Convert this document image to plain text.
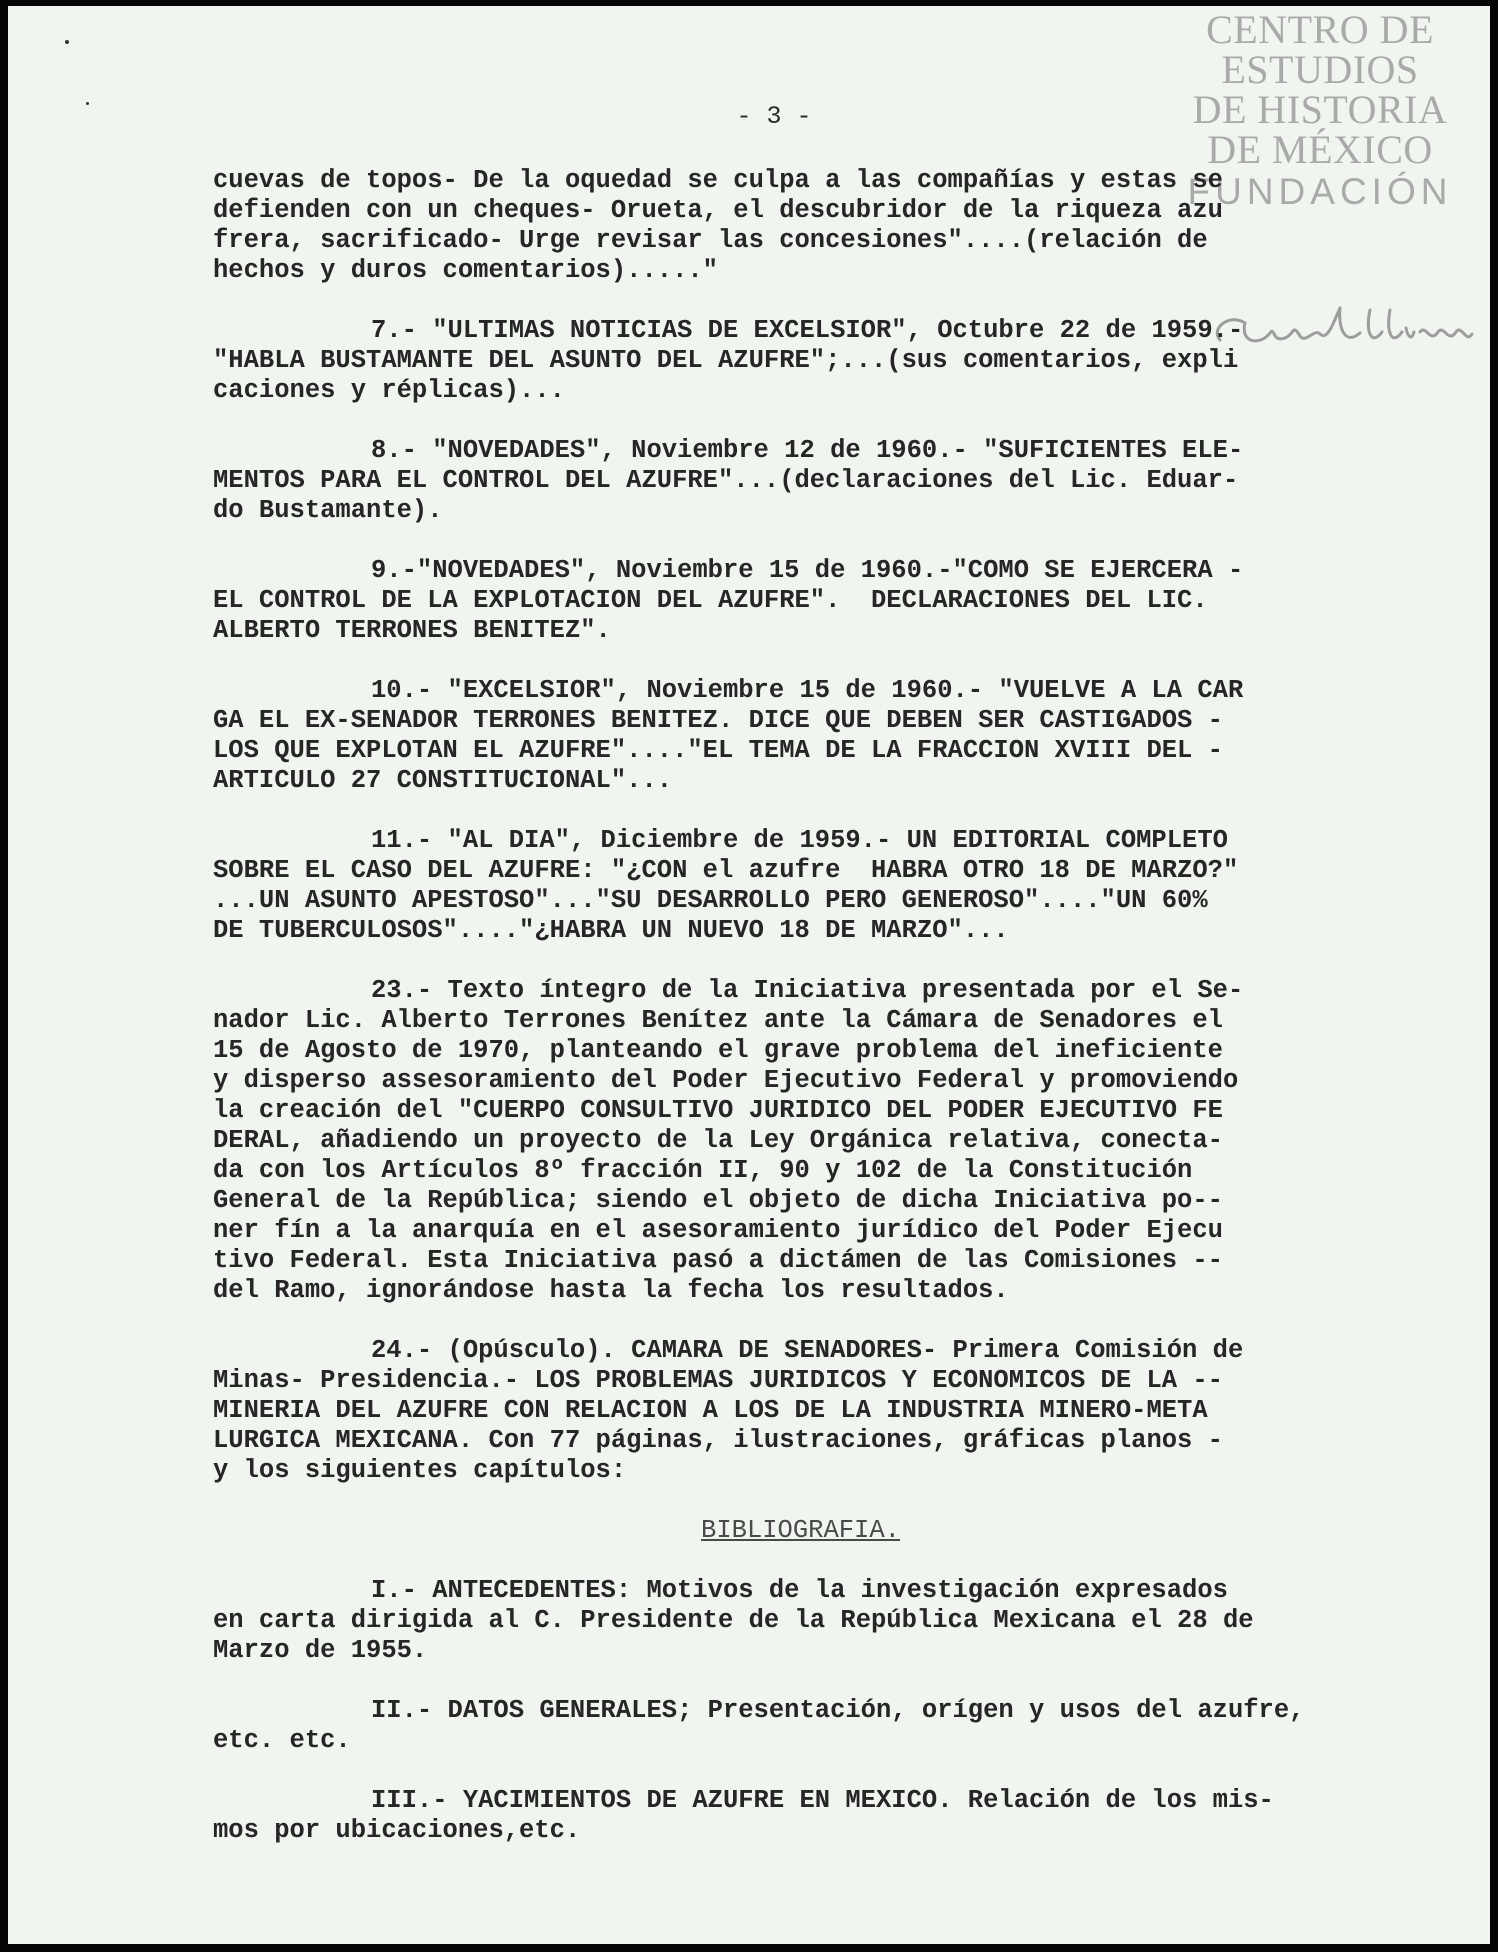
CENTRO DE
ESTUDIOS
DE HISTORIA
DE MÉXICO
FUNDACIÓN
- 3 -
cuevas de topos- De la oquedad se culpa a las compañías y estas se
defienden con un cheques- Orueta, el descubridor de la riqueza azu
frera, sacrificado- Urge revisar las concesiones"....(relación de
hechos y duros comentarios)....."
7.- "ULTIMAS NOTICIAS DE EXCELSIOR", Octubre 22 de 1959.-
"HABLA BUSTAMANTE DEL ASUNTO DEL AZUFRE";...(sus comentarios, expli
caciones y réplicas)...
8.- "NOVEDADES", Noviembre 12 de 1960.- "SUFICIENTES ELE-
MENTOS PARA EL CONTROL DEL AZUFRE"...(declaraciones del Lic. Eduar-
do Bustamante).
9.-"NOVEDADES", Noviembre 15 de 1960.-"COMO SE EJERCERA -
EL CONTROL DE LA EXPLOTACION DEL AZUFRE".  DECLARACIONES DEL LIC.
ALBERTO TERRONES BENITEZ".
10.- "EXCELSIOR", Noviembre 15 de 1960.- "VUELVE A LA CAR
GA EL EX-SENADOR TERRONES BENITEZ. DICE QUE DEBEN SER CASTIGADOS -
LOS QUE EXPLOTAN EL AZUFRE"...."EL TEMA DE LA FRACCION XVIII DEL -
ARTICULO 27 CONSTITUCIONAL"...
11.- "AL DIA", Diciembre de 1959.- UN EDITORIAL COMPLETO
SOBRE EL CASO DEL AZUFRE: "¿CON el azufre  HABRA OTRO 18 DE MARZO?"
...UN ASUNTO APESTOSO"..."SU DESARROLLO PERO GENEROSO"...."UN 60%
DE TUBERCULOSOS"...."¿HABRA UN NUEVO 18 DE MARZO"...
23.- Texto íntegro de la Iniciativa presentada por el Se-
nador Lic. Alberto Terrones Benítez ante la Cámara de Senadores el
15 de Agosto de 1970, planteando el grave problema del ineficiente
y disperso assesoramiento del Poder Ejecutivo Federal y promoviendo
la creación del "CUERPO CONSULTIVO JURIDICO DEL PODER EJECUTIVO FE
DERAL, añadiendo un proyecto de la Ley Orgánica relativa, conecta-
da con los Artículos 8º fracción II, 90 y 102 de la Constitución
General de la República; siendo el objeto de dicha Iniciativa po--
ner fín a la anarquía en el asesoramiento jurídico del Poder Ejecu
tivo Federal. Esta Iniciativa pasó a dictámen de las Comisiones --
del Ramo, ignorándose hasta la fecha los resultados.
24.- (Opúsculo). CAMARA DE SENADORES- Primera Comisión de
Minas- Presidencia.- LOS PROBLEMAS JURIDICOS Y ECONOMICOS DE LA --
MINERIA DEL AZUFRE CON RELACION A LOS DE LA INDUSTRIA MINERO-META
LURGICA MEXICANA. Con 77 páginas, ilustraciones, gráficas planos -
y los siguientes capítulos:
BIBLIOGRAFIA.
I.- ANTECEDENTES: Motivos de la investigación expresados
en carta dirigida al C. Presidente de la República Mexicana el 28 de
Marzo de 1955.
II.- DATOS GENERALES; Presentación, orígen y usos del azufre,
etc. etc.
III.- YACIMIENTOS DE AZUFRE EN MEXICO. Relación de los mis-
mos por ubicaciones,etc.
